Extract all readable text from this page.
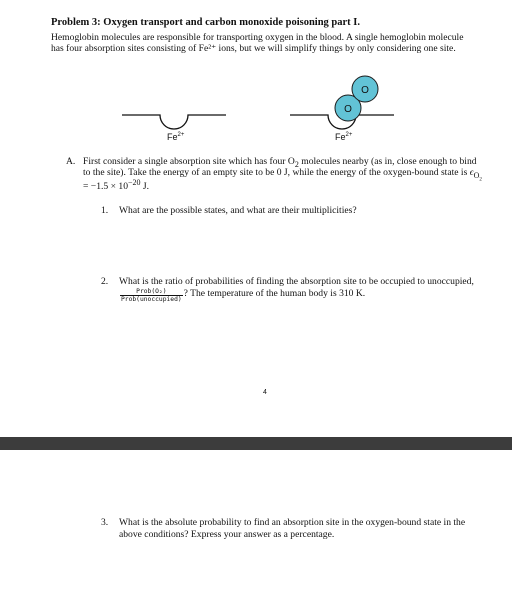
Problem 3: Oxygen transport and carbon monoxide poisoning part I.

Hemoglobin molecules are responsible for transporting oxygen in the blood. A single hemoglobin molecule has four absorption sites consisting of Fe²⁺ ions, but we will simplify things by only considering one site.

O
O
$Fe^{2+}$	$Fe^{2+}$
A. First consider a single absorption site which has four $O_2$ molecules nearby (as in, close enough to bind to the site). Take the energy of an empty site to be 0 J, while the energy of the oxygen-bound state is $\epsilon_{O_2} = -1.5 \times 10^{-20}$ J.
1. What are the possible states, and what are their multiplicities?
2. What is the ratio of probabilities of finding the absorption site to be occupied to unoccupied,
$\frac{\text{Prob(O₂)}}{\text{Prob(unoccupied)}}$ ? The temperature of the human body is 310 K.
4
3. What is the absolute probability to find an absorption site in the oxygen-bound state in the above conditions? Express your answer as a percentage.
